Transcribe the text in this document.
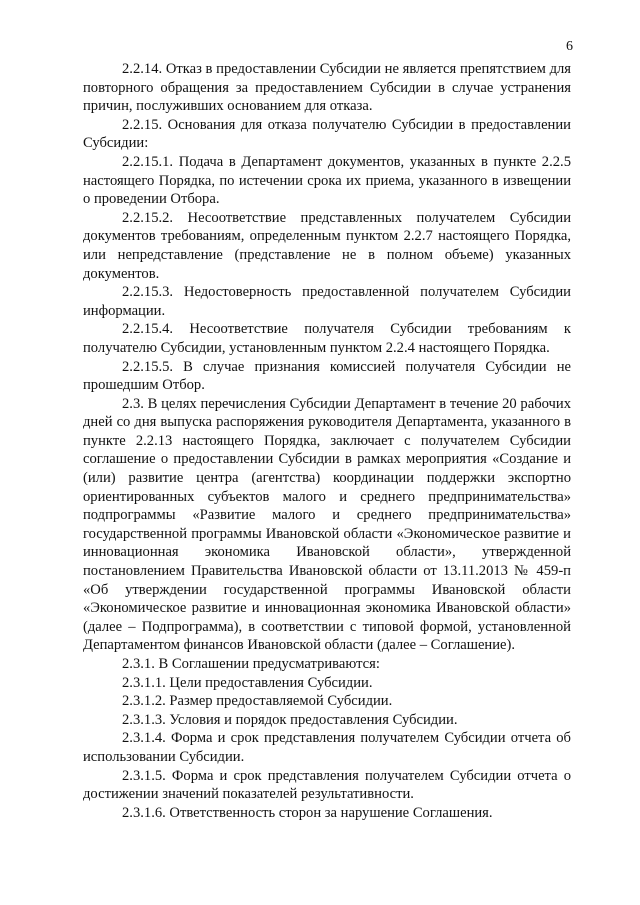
6

2.2.14. Отказ в предоставлении Субсидии не является препятствием для повторного обращения за предоставлением Субсидии в случае устранения причин, послуживших основанием для отказа.

2.2.15. Основания для отказа получателю Субсидии в предоставлении Субсидии:

2.2.15.1. Подача в Департамент документов, указанных в пункте 2.2.5 настоящего Порядка, по истечении срока их приема, указанного в извещении о проведении Отбора.

2.2.15.2. Несоответствие представленных получателем Субсидии документов требованиям, определенным пунктом 2.2.7 настоящего Порядка, или непредставление (представление не в полном объеме) указанных документов.

2.2.15.3. Недостоверность предоставленной получателем Субсидии информации.

2.2.15.4. Несоответствие получателя Субсидии требованиям к получателю Субсидии, установленным пунктом 2.2.4 настоящего Порядка.

2.2.15.5. В случае признания комиссией получателя Субсидии не прошедшим Отбор.

2.3. В целях перечисления Субсидии Департамент в течение 20 рабочих дней со дня выпуска распоряжения руководителя Департамента, указанного в пункте 2.2.13 настоящего Порядка, заключает с получателем Субсидии соглашение о предоставлении Субсидии в рамках мероприятия «Создание и (или) развитие центра (агентства) координации поддержки экспортно ориентированных субъектов малого и среднего предпринимательства» подпрограммы «Развитие малого и среднего предпринимательства» государственной программы Ивановской области «Экономическое развитие и инновационная экономика Ивановской области», утвержденной постановлением Правительства Ивановской области от 13.11.2013 № 459-п «Об утверждении государственной программы Ивановской области «Экономическое развитие и инновационная экономика Ивановской области» (далее – Подпрограмма), в соответствии с типовой формой, установленной Департаментом финансов Ивановской области (далее – Соглашение).

2.3.1. В Соглашении предусматриваются:

2.3.1.1. Цели предоставления Субсидии.

2.3.1.2. Размер предоставляемой Субсидии.

2.3.1.3. Условия и порядок предоставления Субсидии.

2.3.1.4. Форма и срок представления получателем Субсидии отчета об использовании Субсидии.

2.3.1.5. Форма и срок представления получателем Субсидии отчета о достижении значений показателей результативности.

2.3.1.6. Ответственность сторон за нарушение Соглашения.
